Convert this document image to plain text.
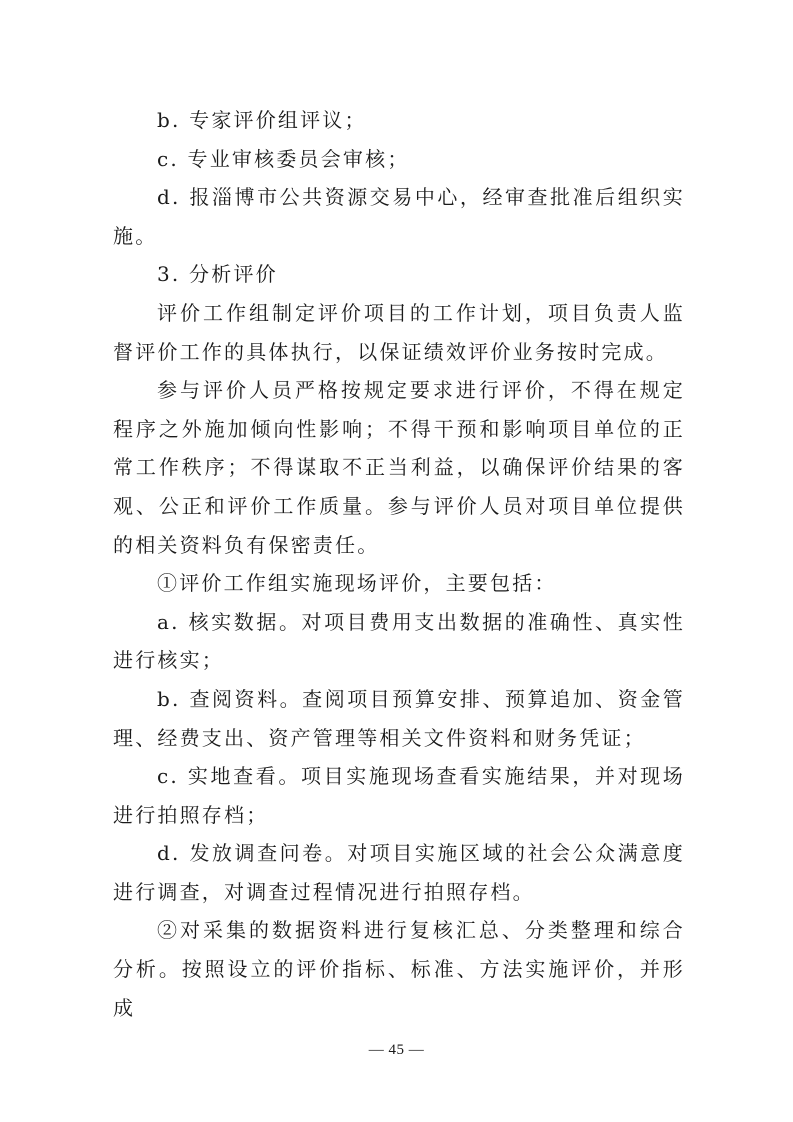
b. 专家评价组评议；

c. 专业审核委员会审核；

d. 报淄博市公共资源交易中心，经审查批准后组织实施。

3. 分析评价

评价工作组制定评价项目的工作计划，项目负责人监督评价工作的具体执行，以保证绩效评价业务按时完成。

参与评价人员严格按规定要求进行评价，不得在规定程序之外施加倾向性影响；不得干预和影响项目单位的正常工作秩序；不得谋取不正当利益，以确保评价结果的客观、公正和评价工作质量。参与评价人员对项目单位提供的相关资料负有保密责任。

①评价工作组实施现场评价，主要包括：

a. 核实数据。对项目费用支出数据的准确性、真实性进行核实；

b. 查阅资料。查阅项目预算安排、预算追加、资金管理、经费支出、资产管理等相关文件资料和财务凭证；

c. 实地查看。项目实施现场查看实施结果，并对现场进行拍照存档；

d. 发放调查问卷。对项目实施区域的社会公众满意度进行调查，对调查过程情况进行拍照存档。

②对采集的数据资料进行复核汇总、分类整理和综合分析。按照设立的评价指标、标准、方法实施评价，并形成

— 45 —
